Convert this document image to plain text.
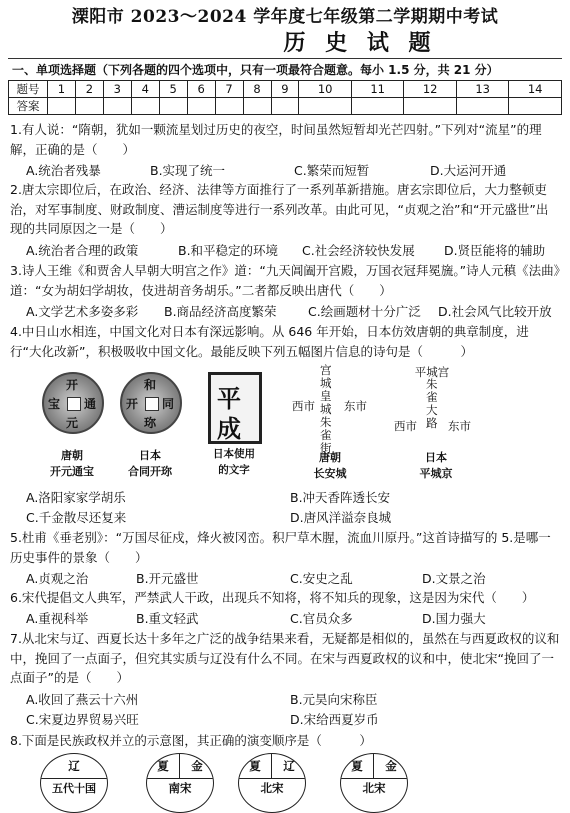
溧阳市 2023～2024 学年度七年级第二学期期中考试
历 史 试 题
一、单项选择题（下列各题的四个选项中，只有一项最符合题意。每小 1.5 分，共 21 分）
题号	1	2	3	4	5	6	7	8	9	10	11	12	13	14
答案														
1.有人说：“隋朝，犹如一颗流星划过历史的夜空，时间虽然短暂却光芒四射。”下列对“流星”的理解，正确的是（　　）
A.统治者残暴	B.实现了统一	C.繁荣而短暂	D.大运河开通
2.唐太宗即位后，在政治、经济、法律等方面推行了一系列革新措施。唐玄宗即位后，大力整顿吏治，对军事制度、财政制度、漕运制度等进行一系列改革。由此可见，“贞观之治”和“开元盛世”出现的共同原因之一是（　　）
A.统治者合理的政策	B.和平稳定的环境 C.社会经济较快发展 D.贤臣能将的辅助
3.诗人王维《和贾舍人早朝大明宫之作》道：“九天阊阖开宫殿，万国衣冠拜冕旒。”诗人元稹《法曲》道：“女为胡妇学胡妆，伎进胡音务胡乐。”二者都反映出唐代（　　）
A.文学艺术多姿多彩 B.商品经济高度繁荣	C.绘画题材十分广泛 D.社会风气比较开放
4.中日山水相连，中国文化对日本有深远影响。从 646 年开始，日本仿效唐朝的典章制度，进行“大化改新”，积极吸收中国文化。最能反映下列五幅图片信息的诗句是（　　　）
开
元
通
宝
和
同
开
珎
唐朝
开元通宝
日本
合同开珎
平
成
日本使用
的文字
宫
城
皇
城
朱
雀
街
西市	东市
唐朝
长安城
平城宫
朱
雀
大
路
西市	东市
日本
平城京
A.洛阳家家学胡乐	B.冲天香阵透长安
C.千金散尽还复来	D.唐风洋溢奈良城
5.杜甫《垂老别》：“万国尽征戍，烽火被冈峦。积尸草木腥，流血川原丹。”这首诗描写的 5.是哪一历史事件的景象（　　）
A.贞观之治	B.开元盛世	C.安史之乱	D.文景之治
6.宋代提倡文人典军，严禁武人干政，出现兵不知将，将不知兵的现象，这是因为宋代（　　）
A.重视科举	B.重文轻武	C.官员众多	D.国力强大
7.从北宋与辽、西夏长达十多年之广泛的战争结果来看，无疑都是相似的，虽然在与西夏政权的议和中，挽回了一点面子，但究其实质与辽没有什么不同。在宋与西夏政权的议和中，使北宋“挽回了一点面子”的是（　　）
A.收回了燕云十六州	B.元昊向宋称臣
C.宋夏边界贸易兴旺	D.宋给西夏岁币
8.下面是民族政权并立的示意图，其正确的演变顺序是（　　　）
辽
五代十国
夏	金
南宋
夏	辽
北宋
夏	金
北宋
